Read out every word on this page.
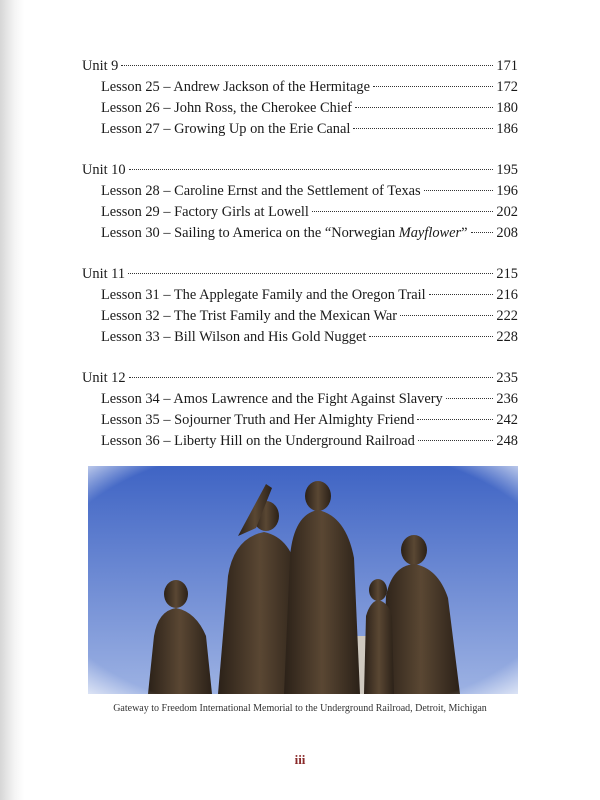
Unit 9	171
Lesson 25 – Andrew Jackson of the Hermitage	172
Lesson 26 – John Ross, the Cherokee Chief	180
Lesson 27 – Growing Up on the Erie Canal	186
Unit 10	195
Lesson 28 – Caroline Ernst and the Settlement of Texas	196
Lesson 29 – Factory Girls at Lowell	202
Lesson 30 – Sailing to America on the “Norwegian Mayflower” 208
Unit 11	215
Lesson 31 – The Applegate Family and the Oregon Trail	216
Lesson 32 – The Trist Family and the Mexican War	222
Lesson 33 – Bill Wilson and His Gold Nugget	228
Unit 12	235
Lesson 34 – Amos Lawrence and the Fight Against Slavery	236
Lesson 35 – Sojourner Truth and Her Almighty Friend	242
Lesson 36 – Liberty Hill on the Underground Railroad	248
Gateway to Freedom International Memorial to the Underground Railroad, Detroit, Michigan
iii
